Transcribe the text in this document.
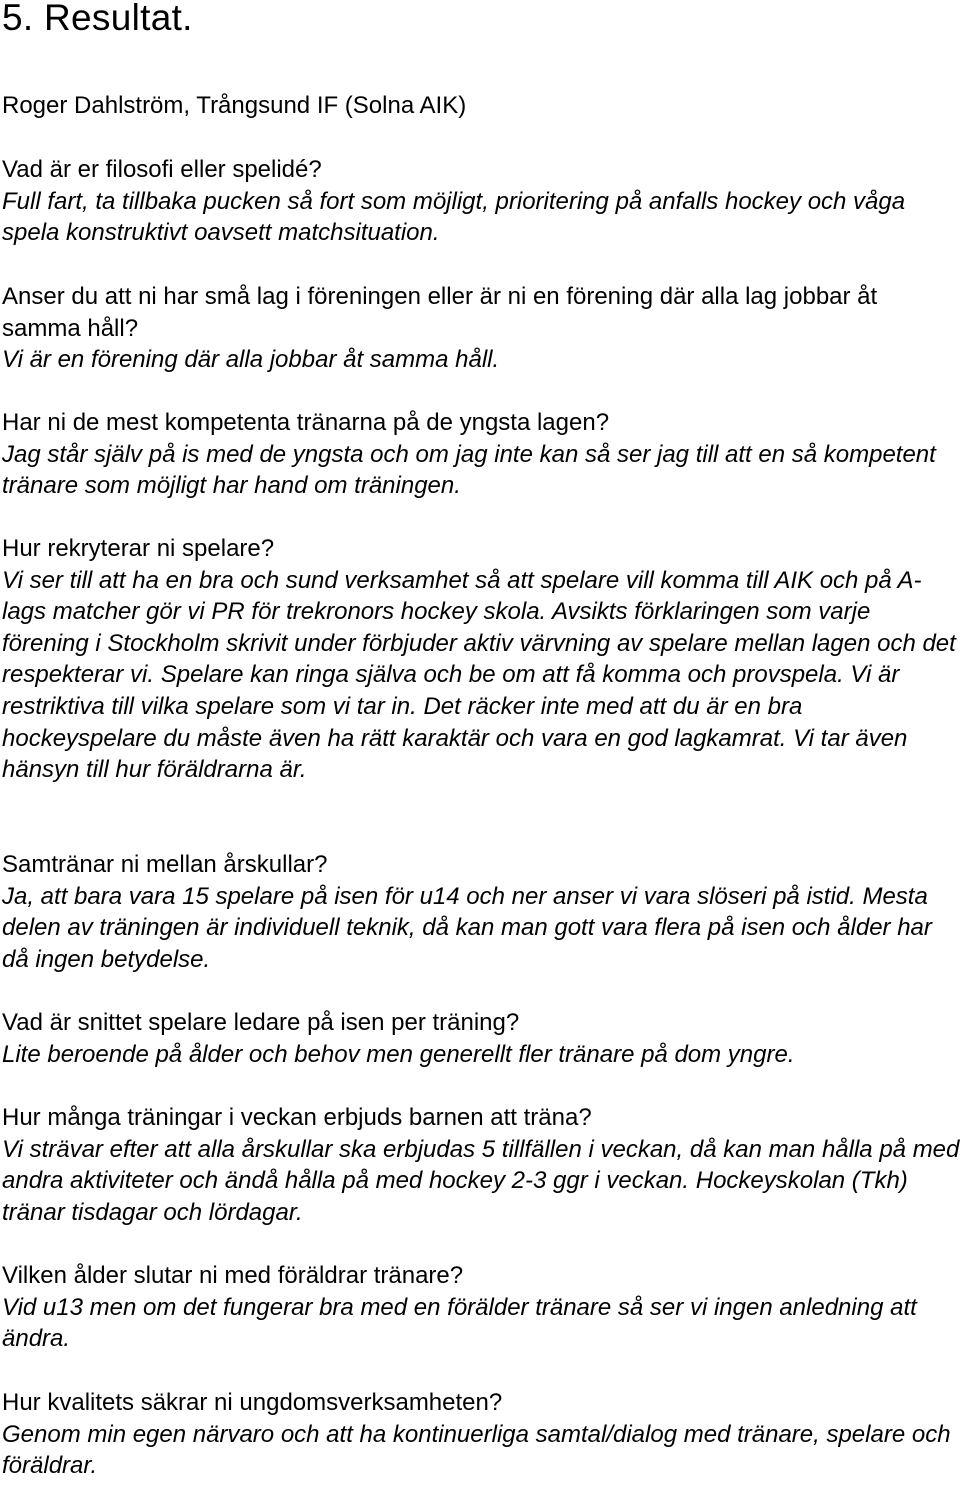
5. Resultat.

Roger Dahlström, Trångsund IF (Solna AIK)

Vad är er filosofi eller spelidé?
Full fart, ta tillbaka pucken så fort som möjligt, prioritering på anfalls hockey och våga spela konstruktivt oavsett matchsituation.
Anser du att ni har små lag i föreningen eller är ni en förening där alla lag jobbar åt samma håll?
Vi är en förening där alla jobbar åt samma håll.
Har ni de mest kompetenta tränarna på de yngsta lagen?
Jag står själv på is med de yngsta och om jag inte kan så ser jag till att en så kompetent tränare som möjligt har hand om träningen.
Hur rekryterar ni spelare?
Vi ser till att ha en bra och sund verksamhet så att spelare vill komma till AIK och på A-lags matcher gör vi PR för trekronors hockey skola. Avsikts förklaringen som varje förening i Stockholm skrivit under förbjuder aktiv värvning av spelare mellan lagen och det respekterar vi. Spelare kan ringa själva och be om att få komma och provspela. Vi är restriktiva till vilka spelare som vi tar in. Det räcker inte med att du är en bra hockeyspelare du måste även ha rätt karaktär och vara en god lagkamrat. Vi tar även hänsyn till hur föräldrarna är.
Samtränar ni mellan årskullar?
Ja, att bara vara 15 spelare på isen för u14 och ner anser vi vara slöseri på istid. Mesta delen av träningen är individuell teknik, då kan man gott vara flera på isen och ålder har då ingen betydelse.
Vad är snittet spelare ledare på isen per träning?
Lite beroende på ålder och behov men generellt fler tränare på dom yngre.
Hur många träningar i veckan erbjuds barnen att träna?
Vi strävar efter att alla årskullar ska erbjudas 5 tillfällen i veckan, då kan man hålla på med andra aktiviteter och ändå hålla på med hockey 2-3 ggr i veckan. Hockeyskolan (Tkh) tränar tisdagar och lördagar.
Vilken ålder slutar ni med föräldrar tränare?
Vid u13 men om det fungerar bra med en förälder tränare så ser vi ingen anledning att ändra.
Hur kvalitets säkrar ni ungdomsverksamheten?
Genom min egen närvaro och att ha kontinuerliga samtal/dialog med tränare, spelare och föräldrar.
